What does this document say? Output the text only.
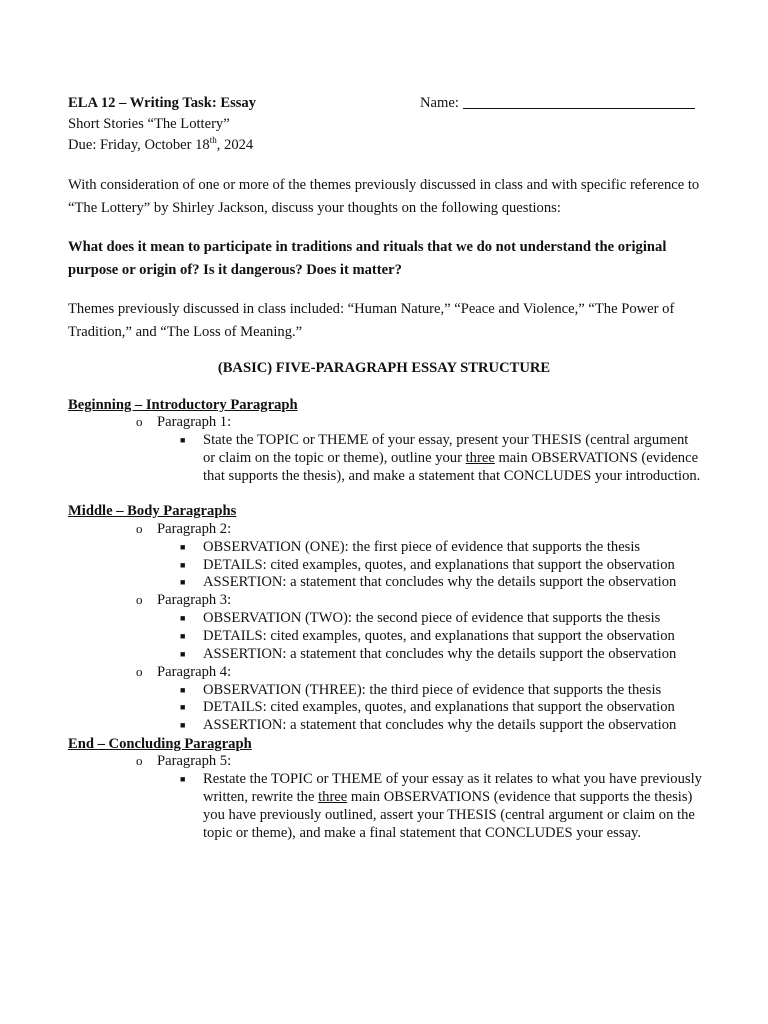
ELA 12 – Writing Task: Essay	Name:
Short Stories “The Lottery”
Due: Friday, October 18th, 2024
With consideration of one or more of the themes previously discussed in class and with specific reference to “The Lottery” by Shirley Jackson, discuss your thoughts on the following questions:
What does it mean to participate in traditions and rituals that we do not understand the original purpose or origin of? Is it dangerous? Does it matter?
Themes previously discussed in class included: “Human Nature,” “Peace and Violence,” “The Power of Tradition,” and “The Loss of Meaning.”
(BASIC) FIVE-PARAGRAPH ESSAY STRUCTURE
Beginning – Introductory Paragraph
o Paragraph 1:
■ State the TOPIC or THEME of your essay, present your THESIS (central argument or claim on the topic or theme), outline your three main OBSERVATIONS (evidence that supports the thesis), and make a statement that CONCLUDES your introduction.
Middle – Body Paragraphs
o Paragraph 2:
■ OBSERVATION (ONE): the first piece of evidence that supports the thesis
■ DETAILS: cited examples, quotes, and explanations that support the observation
■ ASSERTION: a statement that concludes why the details support the observation
o Paragraph 3:
■ OBSERVATION (TWO): the second piece of evidence that supports the thesis
■ DETAILS: cited examples, quotes, and explanations that support the observation
■ ASSERTION: a statement that concludes why the details support the observation
o Paragraph 4:
■ OBSERVATION (THREE): the third piece of evidence that supports the thesis
■ DETAILS: cited examples, quotes, and explanations that support the observation
■ ASSERTION: a statement that concludes why the details support the observation
End – Concluding Paragraph
o Paragraph 5:
■ Restate the TOPIC or THEME of your essay as it relates to what you have previously written, rewrite the three main OBSERVATIONS (evidence that supports the thesis) you have previously outlined, assert your THESIS (central argument or claim on the topic or theme), and make a final statement that CONCLUDES your essay.
